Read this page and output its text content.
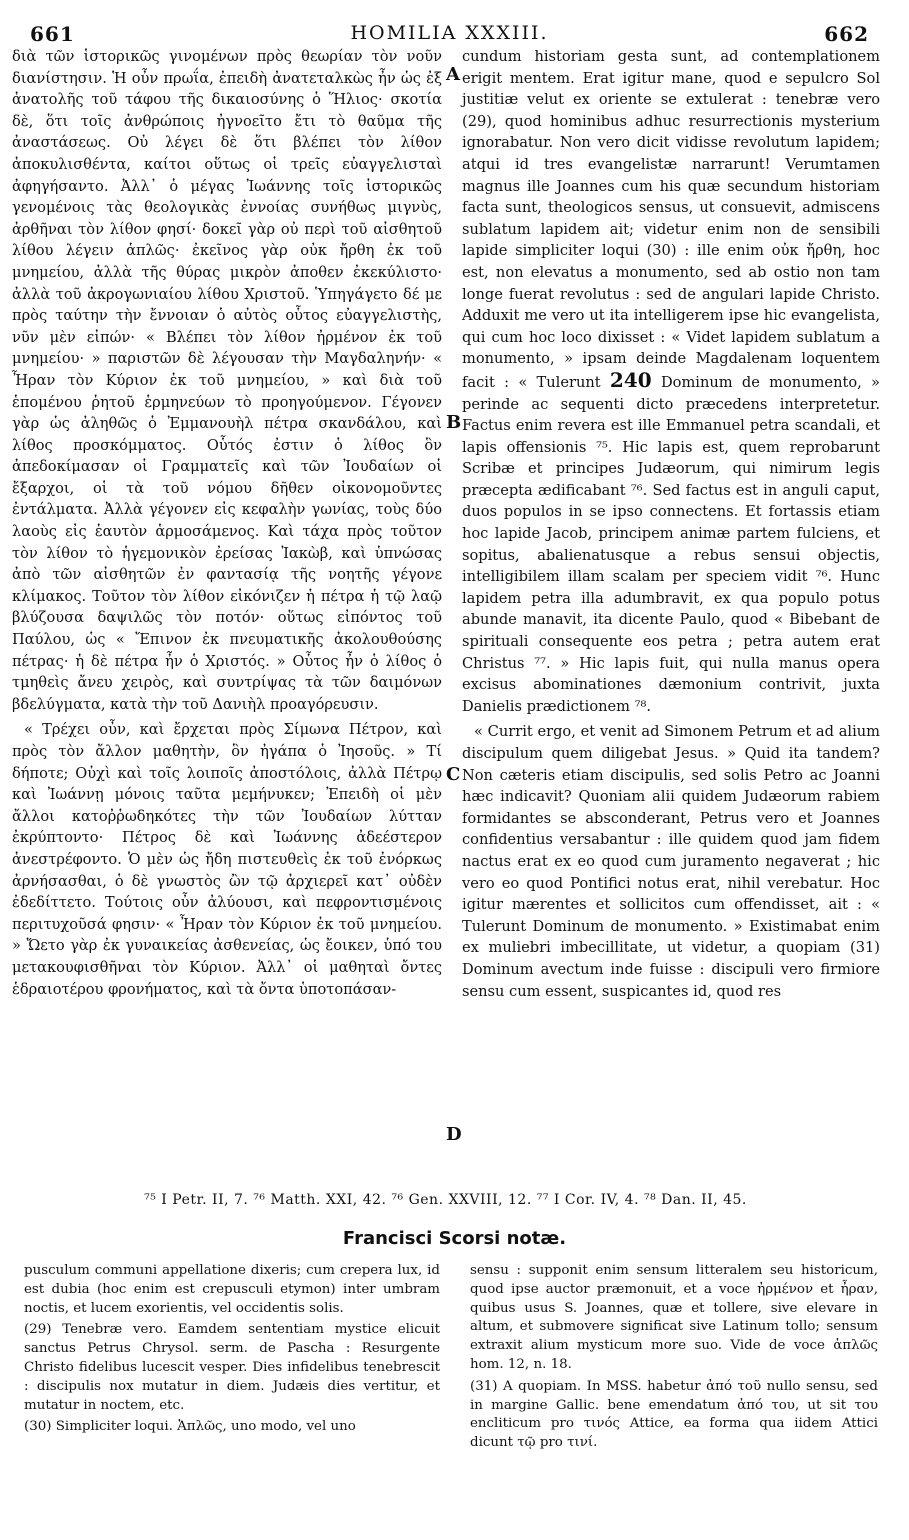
661	HOMILIA XXXIII.	662

διὰ τῶν ἱστορικῶς γινομένων πρὸς θεωρίαν τὸν νοῦν διανίστησιν. Ἡ οὖν πρωΐα, ἐπειδὴ ἀνατεταλκὼς ἦν ὡς ἐξ ἀνατολῆς τοῦ τάφου τῆς δικαιοσύνης ὁ Ἥλιος· σκοτία δὲ, ὅτι τοῖς ἀνθρώποις ἠγνοεῖτο ἔτι τὸ θαῦμα τῆς ἀναστάσεως. Οὐ λέγει δὲ ὅτι βλέπει τὸν λίθον ἀποκυλισθέντα, καίτοι οὕτως οἱ τρεῖς εὐαγγελισταὶ ἀφηγήσαντο. Ἀλλ᾽ ὁ μέγας Ἰωάννης τοῖς ἱστορικῶς γενομένοις τὰς θεολογικὰς ἐννοίας συνήθως μιγνὺς, ἀρθῆναι τὸν λίθον φησί· δοκεῖ γὰρ οὐ περὶ τοῦ αἰσθητοῦ λίθου λέγειν ἁπλῶς· ἐκεῖνος γὰρ οὐκ ἤρθη ἐκ τοῦ μνημείου, ἀλλὰ τῆς θύρας μικρὸν ἀποθεν ἐκεκύλιστο· ἀλλὰ τοῦ ἀκρογωνιαίου λίθου Χριστοῦ. Ὑπηγάγετο δέ με πρὸς ταύτην τὴν ἔννοιαν ὁ αὐτὸς οὗτος εὐαγγελιστὴς, νῦν μὲν εἰπών· « Βλέπει τὸν λίθον ἠρμένον ἐκ τοῦ μνημείου· » παριστῶν δὲ λέγουσαν τὴν Μαγδαληνήν· « Ἦραν τὸν Κύριον ἐκ τοῦ μνημείου, » καὶ διὰ τοῦ ἑπομένου ῥητοῦ ἑρμηνεύων τὸ προηγούμενον. Γέγονεν γὰρ ὡς ἀληθῶς ὁ Ἐμμανουὴλ πέτρα σκανδάλου, καὶ λίθος προσκόμματος. Οὗτός ἐστιν ὁ λίθος ὃν ἀπεδοκίμασαν οἱ Γραμματεῖς καὶ τῶν Ἰουδαίων οἱ ἔξαρχοι, οἱ τὰ τοῦ νόμου δῆθεν οἰκονομοῦντες ἐντάλματα. Ἀλλὰ γέγονεν εἰς κεφαλὴν γωνίας, τοὺς δύο λαοὺς εἰς ἑαυτὸν ἁρμοσάμενος. Καὶ τάχα πρὸς τοῦτον τὸν λίθον τὸ ἡγεμονικὸν ἐρείσας Ἰακὼβ, καὶ ὑπνώσας ἀπὸ τῶν αἰσθητῶν ἐν φαντασίᾳ τῆς νοητῆς γέγονε κλίμακος. Τοῦτον τὸν λίθον εἰκόνιζεν ἡ πέτρα ἡ τῷ λαῷ βλύζουσα δαψιλῶς τὸν ποτόν· οὕτως εἰπόντος τοῦ Παύλου, ὡς « Ἔπινον ἐκ πνευματικῆς ἀκολουθούσης πέτρας· ἡ δὲ πέτρα ἦν ὁ Χριστός. » Οὗτος ἦν ὁ λίθος ὁ τμηθεὶς ἄνευ χειρὸς, καὶ συντρίψας τὰ τῶν δαιμόνων βδελύγματα, κατὰ τὴν τοῦ Δανιὴλ προαγόρευσιν.

« Τρέχει οὖν, καὶ ἔρχεται πρὸς Σίμωνα Πέτρον, καὶ πρὸς τὸν ἄλλον μαθητὴν, ὃν ἠγάπα ὁ Ἰησοῦς. » Τί δήποτε; Οὐχὶ καὶ τοῖς λοιποῖς ἀποστόλοις, ἀλλὰ Πέτρῳ καὶ Ἰωάννῃ μόνοις ταῦτα μεμήνυκεν; Ἐπειδὴ οἱ μὲν ἄλλοι κατοῤῥωδηκότες τὴν τῶν Ἰουδαίων λύτταν ἐκρύπτοντο· Πέτρος δὲ καὶ Ἰωάννης ἀδεέστερον ἀνεστρέφοντο. Ὁ μὲν ὡς ἤδη πιστευθεὶς ἐκ τοῦ ἐνόρκως ἀρνήσασθαι, ὁ δὲ γνωστὸς ὢν τῷ ἀρχιερεῖ κατ᾽ οὐδὲν ἐδεδίττετο. Τούτοις οὖν ἀλύουσι, καὶ πεφροντισμένοις περιτυχοῦσά φησιν· « Ἦραν τὸν Κύριον ἐκ τοῦ μνημείου. » Ὤετο γὰρ ἐκ γυναικείας ἀσθενείας, ὡς ἔοικεν, ὑπό του μετακουφισθῆναι τὸν Κύριον. Ἀλλ᾽ οἱ μαθηταὶ ὄντες ἑδραιοτέρου φρονήματος, καὶ τὰ ὄντα ὑποτοπάσαν-

A
B
C
D

cundum historiam gesta sunt, ad contemplationem erigit mentem. Erat igitur mane, quod e sepulcro Sol justitiæ velut ex oriente se extulerat : tenebræ vero (29), quod hominibus adhuc resurrectionis mysterium ignorabatur. Non vero dicit vidisse revolutum lapidem; atqui id tres evangelistæ narrarunt! Verumtamen magnus ille Joannes cum his quæ secundum historiam facta sunt, theologicos sensus, ut consuevit, admiscens sublatum lapidem ait; videtur enim non de sensibili lapide simpliciter loqui (30) : ille enim οὐκ ἤρθη, hoc est, non elevatus a monumento, sed ab ostio non tam longe fuerat revolutus : sed de angulari lapide Christo. Adduxit me vero ut ita intelligerem ipse hic evangelista, qui cum hoc loco dixisset : « Videt lapidem sublatum a monumento, » ipsam deinde Magdalenam loquentem facit : « Tulerunt 240 Dominum de monumento, » perinde ac sequenti dicto præcedens interpretetur. Factus enim revera est ille Emmanuel petra scandali, et lapis offensionis ⁷⁵. Hic lapis est, quem reprobarunt Scribæ et principes Judæorum, qui nimirum legis præcepta ædificabant ⁷⁶. Sed factus est in anguli caput, duos populos in se ipso connectens. Et fortassis etiam hoc lapide Jacob, principem animæ partem fulciens, et sopitus, abalienatusque a rebus sensui objectis, intelligibilem illam scalam per speciem vidit ⁷⁶. Hunc lapidem petra illa adumbravit, ex qua populo potus abunde manavit, ita dicente Paulo, quod « Bibebant de spirituali consequente eos petra ; petra autem erat Christus ⁷⁷. » Hic lapis fuit, qui nulla manus opera excisus abominationes dæmonium contrivit, juxta Danielis prædictionem ⁷⁸.

« Currit ergo, et venit ad Simonem Petrum et ad alium discipulum quem diligebat Jesus. » Quid ita tandem? Non cæteris etiam discipulis, sed solis Petro ac Joanni hæc indicavit? Quoniam alii quidem Judæorum rabiem formidantes se absconderant, Petrus vero et Joannes confidentius versabantur : ille quidem quod jam fidem nactus erat ex eo quod cum juramento negaverat ; hic vero eo quod Pontifici notus erat, nihil verebatur. Hoc igitur mærentes et sollicitos cum offendisset, ait : « Tulerunt Dominum de monumento. » Existimabat enim ex muliebri imbecillitate, ut videtur, a quopiam (31) Dominum avectum inde fuisse : discipuli vero firmiore sensu cum essent, suspicantes id, quod res

⁷⁵ I Petr. II, 7. ⁷⁶ Matth. XXI, 42. ⁷⁶ Gen. XXVIII, 12. ⁷⁷ I Cor. IV, 4. ⁷⁸ Dan. II, 45.
Francisci Scorsi notæ.

pusculum communi appellatione dixeris; cum crepera lux, id est dubia (hoc enim est crepusculi etymon) inter umbram noctis, et lucem exorientis, vel occidentis solis.

(29) Tenebræ vero. Eamdem sententiam mystice elicuit sanctus Petrus Chrysol. serm. de Pascha : Resurgente Christo fidelibus lucescit vesper. Dies infidelibus tenebrescit : discipulis nox mutatur in diem. Judæis dies vertitur, et mutatur in noctem, etc.

(30) Simpliciter loqui. Ἁπλῶς, uno modo, vel uno

sensu : supponit enim sensum litteralem seu historicum, quod ipse auctor præmonuit, et a voce ἠρμένον et ἦραν, quibus usus S. Joannes, quæ et tollere, sive elevare in altum, et submovere significat sive Latinum tollo; sensum extraxit alium mysticum more suo. Vide de voce ἁπλῶς hom. 12, n. 18.

(31) A quopiam. In MSS. habetur ἀπό τοῦ nullo sensu, sed in margine Gallic. bene emendatum ἀπό του, ut sit του encliticum pro τινός Attice, ea forma qua iidem Attici dicunt τῷ pro τινί.
